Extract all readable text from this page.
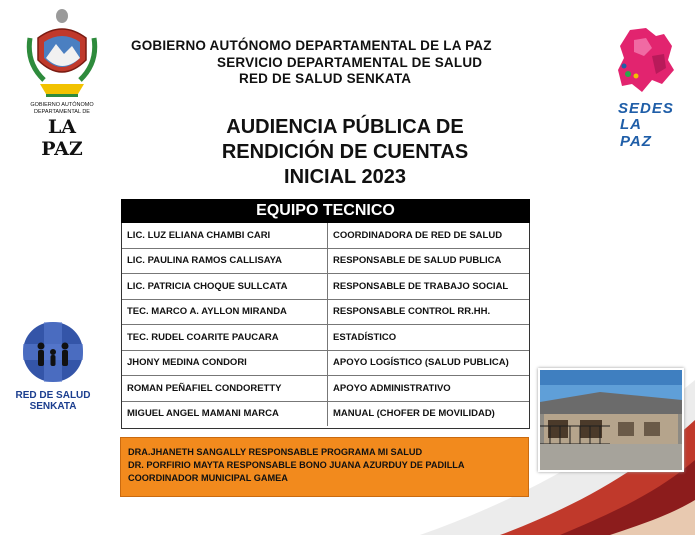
GOBIERNO AUTÓNOMO
DEPARTAMENTAL DE
LA PAZ
GOBIERNO AUTÓNOMO DEPARTAMENTAL DE LA PAZ
SERVICIO DEPARTAMENTAL DE SALUD
RED DE SALUD SENKATA
SEDES
LA PAZ
AUDIENCIA PÚBLICA DE
RENDICIÓN DE CUENTAS
INICIAL 2023
RED DE SALUD
SENKATA
EQUIPO TECNICO
LIC. LUZ ELIANA CHAMBI CARI	COORDINADORA DE RED DE SALUD
LIC. PAULINA RAMOS CALLISAYA	RESPONSABLE DE SALUD PUBLICA
LIC. PATRICIA CHOQUE SULLCATA	RESPONSABLE DE TRABAJO SOCIAL
TEC. MARCO A. AYLLON MIRANDA	RESPONSABLE CONTROL RR.HH.
TEC. RUDEL COARITE PAUCARA	ESTADÍSTICO
JHONY MEDINA CONDORI	APOYO LOGÍSTICO (SALUD PUBLICA)
ROMAN PEÑAFIEL CONDORETTY	APOYO ADMINISTRATIVO
MIGUEL ANGEL MAMANI MARCA	MANUAL (CHOFER DE MOVILIDAD)
DRA.JHANETH SANGALLY RESPONSABLE PROGRAMA MI SALUD
DR. PORFIRIO MAYTA RESPONSABLE BONO JUANA AZURDUY DE PADILLA
COORDINADOR MUNICIPAL GAMEA
